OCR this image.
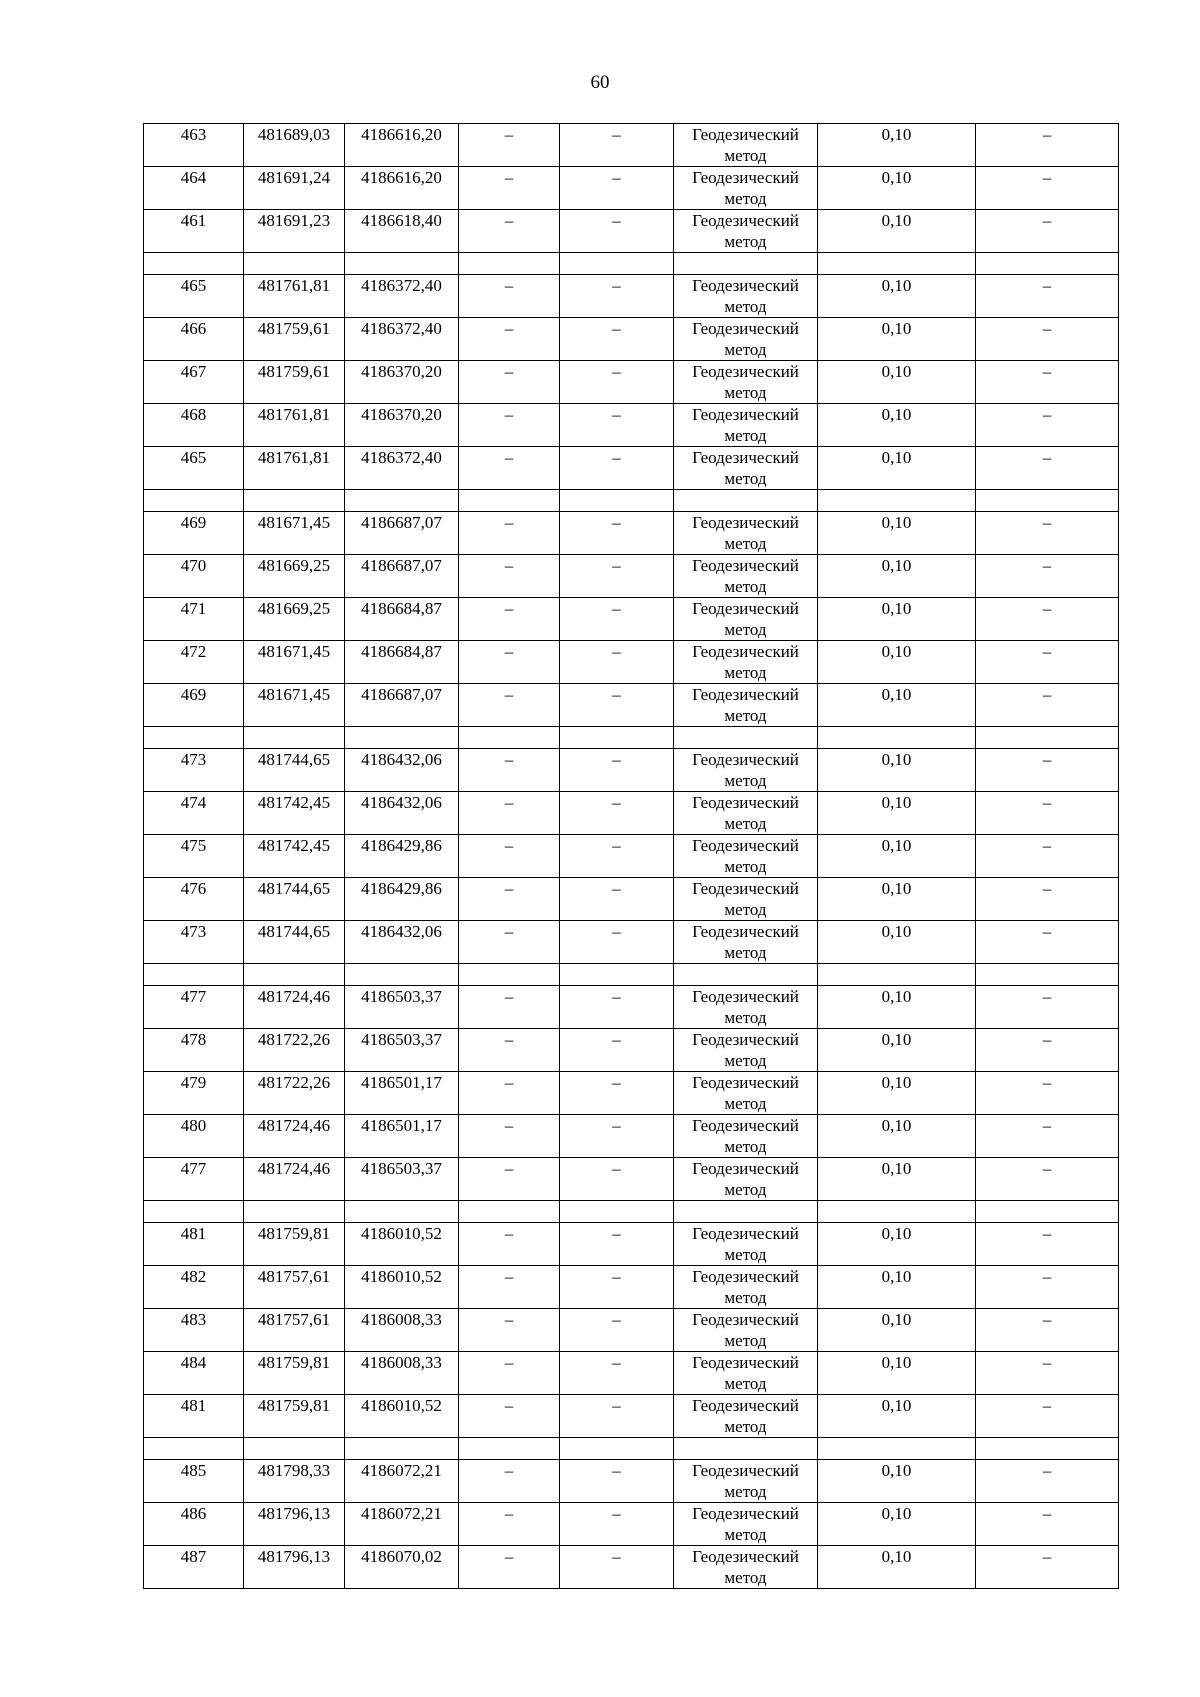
60
463	481689,03	4186616,20	–	–	Геодезический метод	0,10	–
464	481691,24	4186616,20	–	–	Геодезический метод	0,10	–
461	481691,23	4186618,40	–	–	Геодезический метод	0,10	–

465	481761,81	4186372,40	–	–	Геодезический метод	0,10	–
466	481759,61	4186372,40	–	–	Геодезический метод	0,10	–
467	481759,61	4186370,20	–	–	Геодезический метод	0,10	–
468	481761,81	4186370,20	–	–	Геодезический метод	0,10	–
465	481761,81	4186372,40	–	–	Геодезический метод	0,10	–

469	481671,45	4186687,07	–	–	Геодезический метод	0,10	–
470	481669,25	4186687,07	–	–	Геодезический метод	0,10	–
471	481669,25	4186684,87	–	–	Геодезический метод	0,10	–
472	481671,45	4186684,87	–	–	Геодезический метод	0,10	–
469	481671,45	4186687,07	–	–	Геодезический метод	0,10	–

473	481744,65	4186432,06	–	–	Геодезический метод	0,10	–
474	481742,45	4186432,06	–	–	Геодезический метод	0,10	–
475	481742,45	4186429,86	–	–	Геодезический метод	0,10	–
476	481744,65	4186429,86	–	–	Геодезический метод	0,10	–
473	481744,65	4186432,06	–	–	Геодезический метод	0,10	–

477	481724,46	4186503,37	–	–	Геодезический метод	0,10	–
478	481722,26	4186503,37	–	–	Геодезический метод	0,10	–
479	481722,26	4186501,17	–	–	Геодезический метод	0,10	–
480	481724,46	4186501,17	–	–	Геодезический метод	0,10	–
477	481724,46	4186503,37	–	–	Геодезический метод	0,10	–

481	481759,81	4186010,52	–	–	Геодезический метод	0,10	–
482	481757,61	4186010,52	–	–	Геодезический метод	0,10	–
483	481757,61	4186008,33	–	–	Геодезический метод	0,10	–
484	481759,81	4186008,33	–	–	Геодезический метод	0,10	–
481	481759,81	4186010,52	–	–	Геодезический метод	0,10	–

485	481798,33	4186072,21	–	–	Геодезический метод	0,10	–
486	481796,13	4186072,21	–	–	Геодезический метод	0,10	–
487	481796,13	4186070,02	–	–	Геодезический метод	0,10	–
